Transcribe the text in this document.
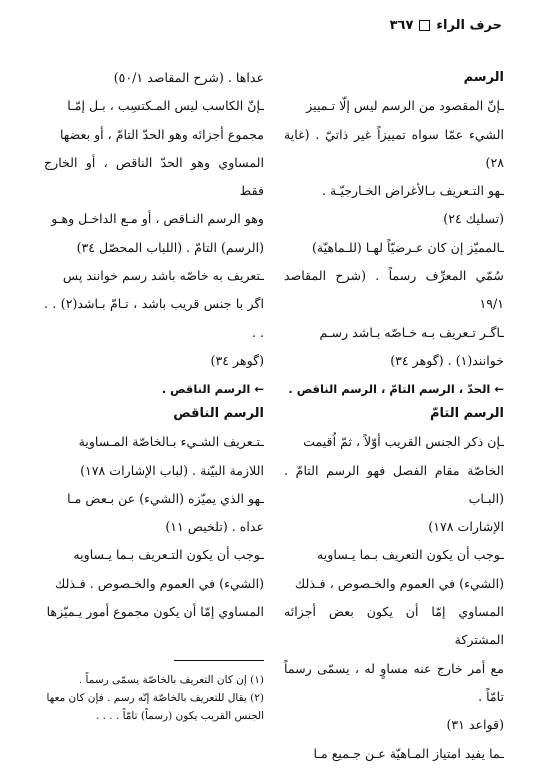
حرف الراء
٣٦٧

الرسم

ـإنّ المقصود من الرسم ليس إلّا تـمييز

الشيء عمّا سواه تمييزاً غير ذاتيّ . (غاية ٢٨)

ـهو التـعريف بـالأغراض الخـارجيّـة .

(تسليك ٢٤)

ـالمميّز إن كان عـرضيّاً لهـا (للـماهيّة)

سُمّي المعرِّف رسماً . (شرح المقاصد ١٩/١

ـاگـر تـعريف بـه خـاصّه بـاشد رسـم

خوانند(١) . (گوهر ٣٤)

← الحدّ ، الرسم التامّ ، الرسم الناقص .

عداها . (شرح المقاصد ٥٠/١)

ـإنّ الكاسب ليس المـكتسِب ، بـل إمّـا

مجموع أجزائه وهو الحدّ التامّ ، أو بعضها

المساوي وهو الحدّ الناقص ، أو الخارج فقط

وهو الرسم النـاقص ، أو مـع الداخـل وهـو

(الرسم) التامّ . (اللباب المحصّل ٣٤)

ـتعريف به خاصّه باشد رسم خوانند پس

اگر با جنس قريب باشد ، تـامّ بـاشد(٢) . . . .

(گوهر ٣٤)

← الرسم الناقص .

الرسم التامّ

ـإن ذكر الجنس القريب أوّلاً ، ثمّ اُقيمت

الخاصّة مقام الفصل فهو الرسم التامّ . (البـاب

الإشارات ١٧٨)

ـوجب أن يكون التعريف بـما يـساويه

(الشيء) في العموم والخـصوص ، فـذلك

المساوي إمّا أن يكون بعض أجزائه المشتركة

مع أمر خارج عنه مساوٍ له ، يسمّى رسماً تامّاً .

(قواعد ٣١)

ـما يفيد امتياز المـاهيّة عـن جـميع مـا

الرسم الناقص

ـتـعريف الشـيء بـالخاصّة المـساوية

اللازمة البيّنة . (لباب الإشارات ١٧٨)

ـهو الذي يميّزه (الشيء) عن بـعض مـا

عداه . (تلخيص ١١)

ـوجب أن يكون التـعريف بـما يـساويه

(الشيء) في العموم والخـصوص . فـذلك

المساوي إمّا أن يكون مجموع أمور يـميّزها

(١) إن كان التعريف بالخاصّة يسمّى رسماً .

(٢) يقال للتعريف بالخاصّة إنّه رسم . فإن كان معها

الجنس القريب يكون (رسماً) تامّاً . . . .
